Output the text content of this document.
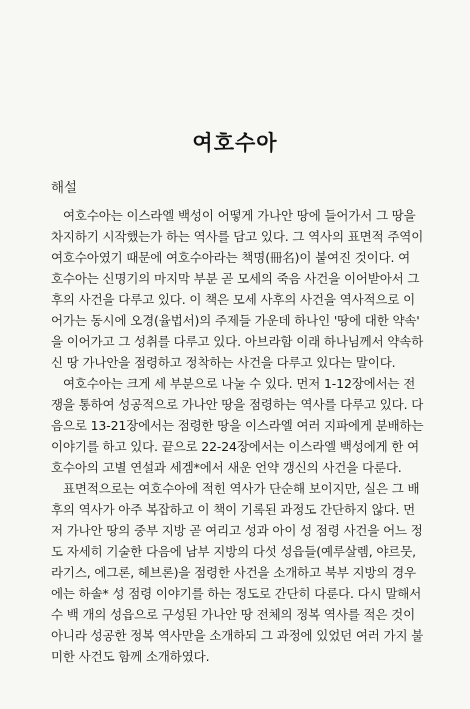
여호수아
해설
여호수아는 이스라엘 백성이 어떻게 가나안 땅에 들어가서 그 땅을
차지하기 시작했는가 하는 역사를 담고 있다. 그 역사의 표면적 주역이
여호수아였기 때문에 여호수아라는 책명(冊名)이 붙여진 것이다. 여
호수아는 신명기의 마지막 부분 곧 모세의 죽음 사건을 이어받아서 그
후의 사건을 다루고 있다. 이 책은 모세 사후의 사건을 역사적으로 이
어가는 동시에 오경(율법서)의 주제들 가운데 하나인 '땅에 대한 약속'
을 이어가고 그 성취를 다루고 있다. 아브라함 이래 하나님께서 약속하
신 땅 가나안을 점령하고 정착하는 사건을 다루고 있다는 말이다.
여호수아는 크게 세 부분으로 나눌 수 있다. 먼저 1-12장에서는 전
쟁을 통하여 성공적으로 가나안 땅을 점령하는 역사를 다루고 있다. 다
음으로 13-21장에서는 점령한 땅을 이스라엘 여러 지파에게 분배하는
이야기를 하고 있다. 끝으로 22-24장에서는 이스라엘 백성에게 한 여
호수아의 고별 연설과 세겜*에서 새운 언약 갱신의 사건을 다룬다.
표면적으로는 여호수아에 적힌 역사가 단순해 보이지만, 실은 그 배
후의 역사가 아주 복잡하고 이 책이 기록된 과정도 간단하지 않다. 먼
저 가나안 땅의 중부 지방 곧 여리고 성과 아이 성 점령 사건을 어느 정
도 자세히 기술한 다음에 남부 지방의 다섯 성읍들(예루살렘, 야르뭇,
라기스, 에그론, 헤브론)을 점령한 사건을 소개하고 북부 지방의 경우
에는 하솔* 성 점령 이야기를 하는 정도로 간단히 다룬다. 다시 말해서
수 백 개의 성읍으로 구성된 가나안 땅 전체의 정복 역사를 적은 것이
아니라 성공한 정복 역사만을 소개하되 그 과정에 있었던 여러 가지 불
미한 사건도 함께 소개하였다.
